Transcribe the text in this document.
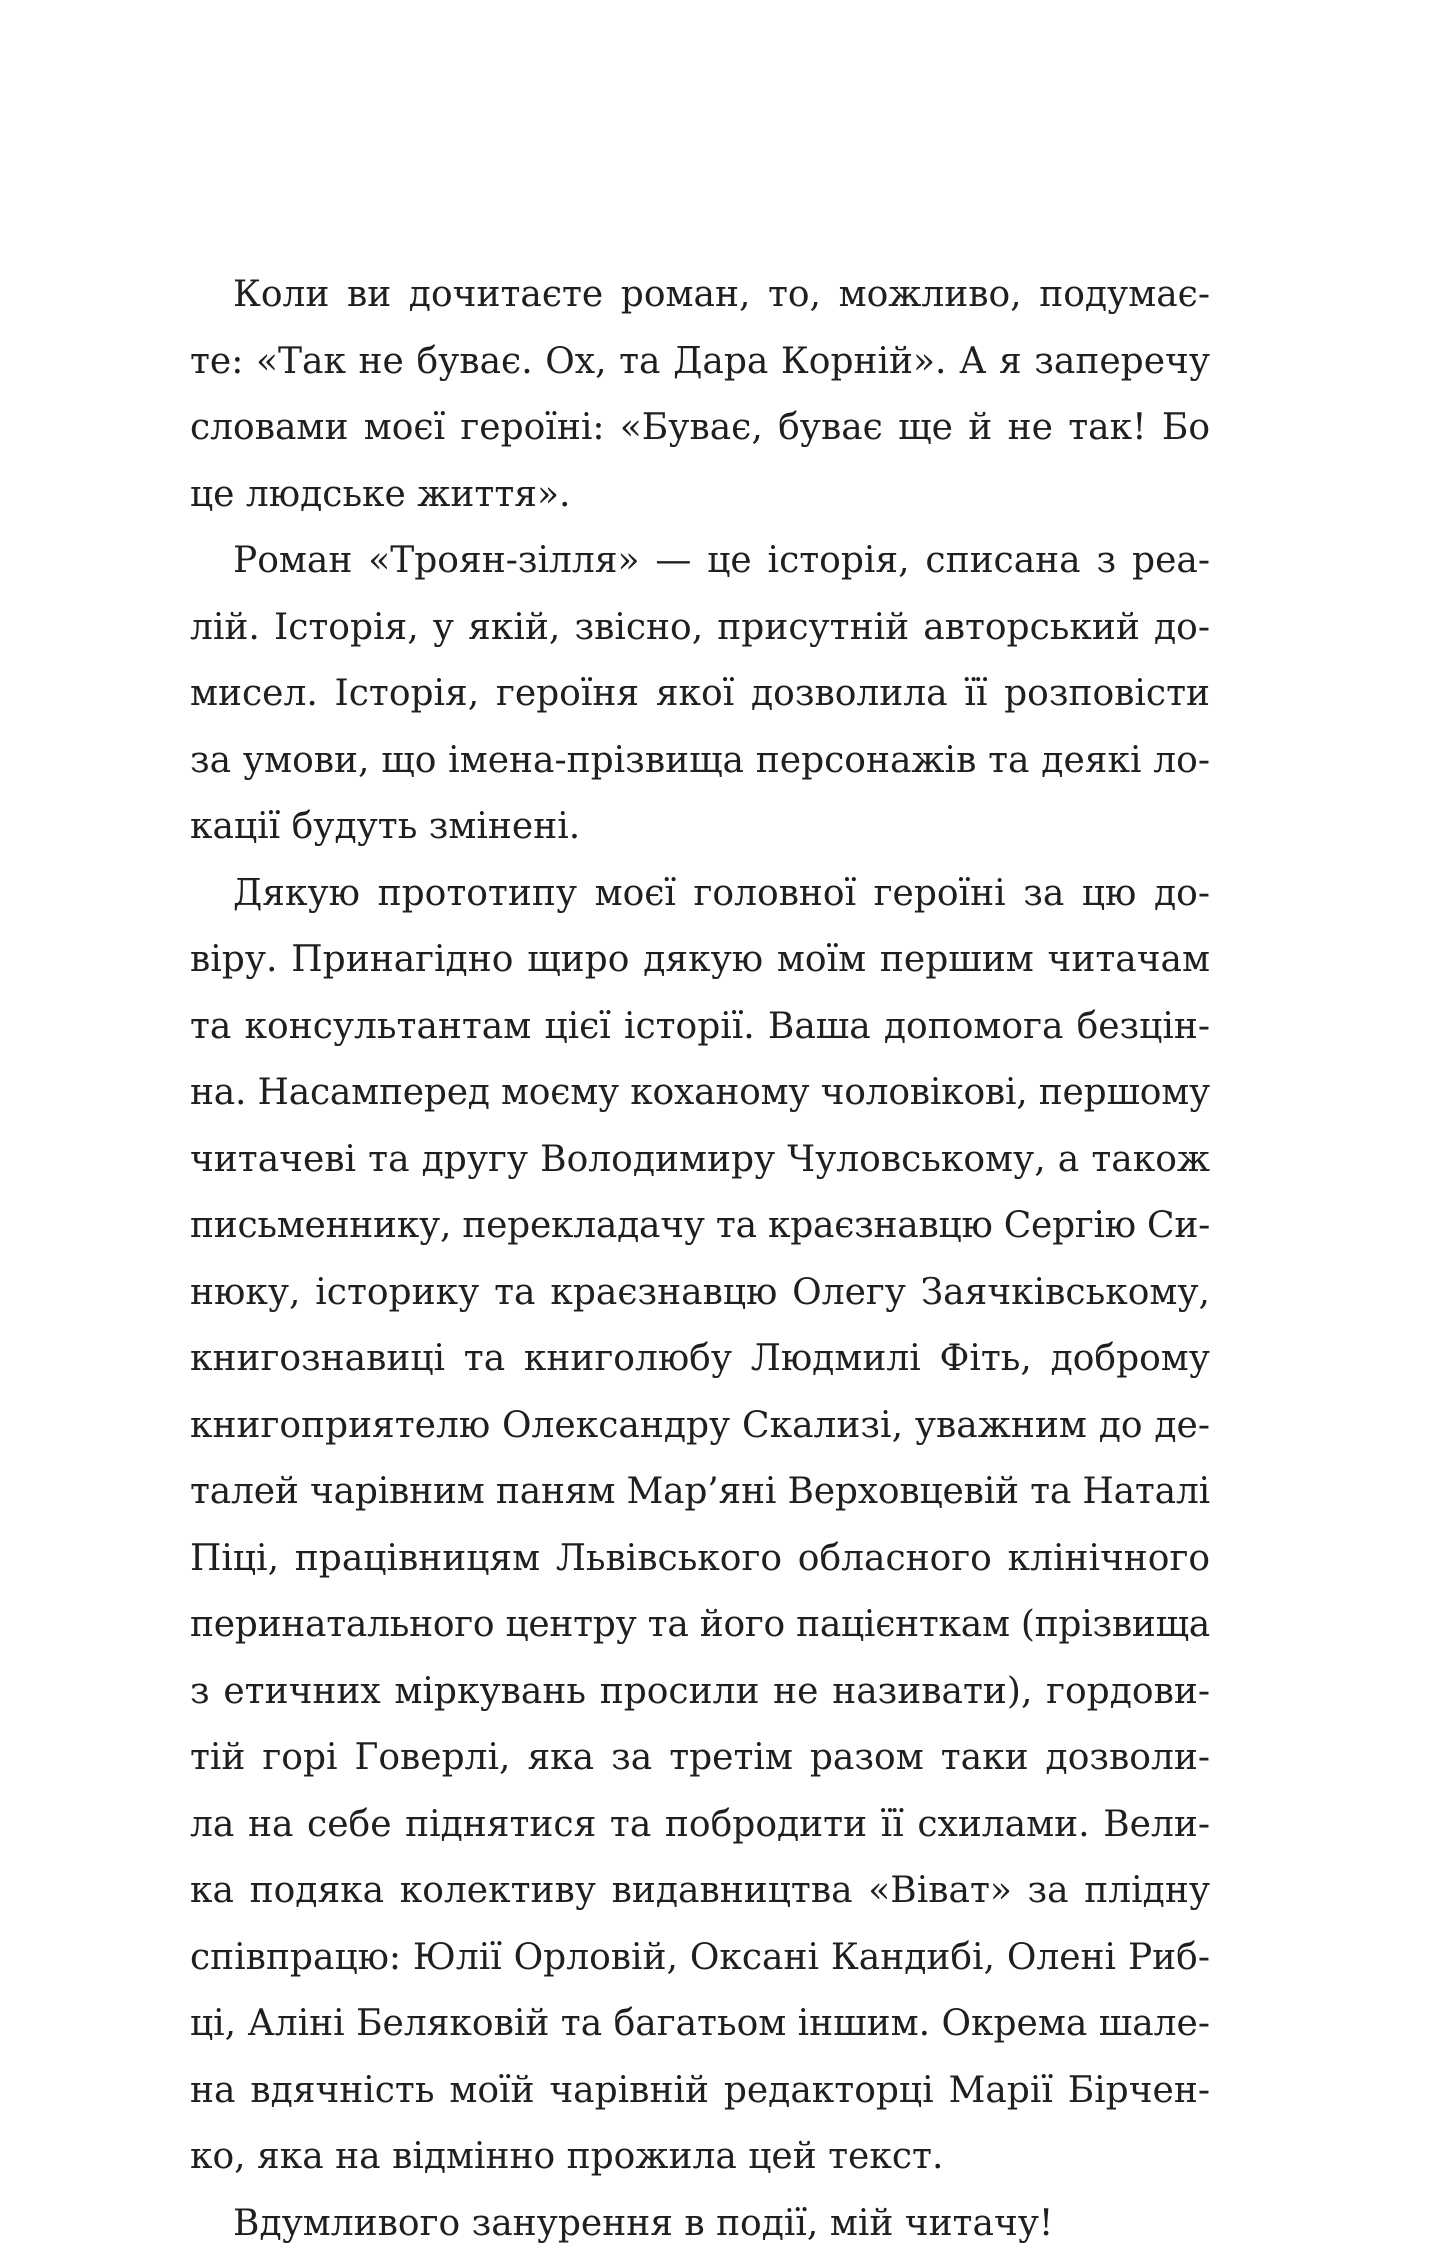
Коли ви дочитаєте роман, то, можливо, подумає-
те: «Так не буває. Ох, та Дара Корній». А я заперечу
словами моєї героїні: «Буває, буває ще й не так! Бо
це людське життя».
Роман «Троян-зілля» — це історія, списана з реа-
лій. Історія, у якій, звісно, присутній авторський до-
мисел. Історія, героїня якої дозволила її розповісти
за умови, що імена-прізвища персонажів та деякі ло-
кації будуть змінені.
Дякую прототипу моєї головної героїні за цю до-
віру. Принагідно щиро дякую моїм першим читачам
та консультантам цієї історії. Ваша допомога безцін-
на. Насамперед моєму коханому чоловікові, першому
читачеві та другу Володимиру Чуловському, а також
письменнику, перекладачу та краєзнавцю Сергію Си-
нюку, історику та краєзнавцю Олегу Заячківському,
книгознавиці та книголюбу Людмилі Фіть, доброму
книгоприятелю Олександру Скализі, уважним до де-
талей чарівним паням Мар’яні Верховцевій та Наталі
Піці, працівницям Львівського обласного клінічного
перинатального центру та його пацієнткам (прізвища
з етичних міркувань просили не називати), гордови-
тій горі Говерлі, яка за третім разом таки дозволи-
ла на себе піднятися та побродити її схилами. Вели-
ка подяка колективу видавництва «Віват» за плідну
співпрацю: Юлії Орловій, Оксані Кандибі, Олені Риб-
ці, Аліні Беляковій та багатьом іншим. Окрема шале-
на вдячність моїй чарівній редакторці Марії Бірчен-
ко, яка на відмінно прожила цей текст.
Вдумливого занурення в події, мій читачу!
